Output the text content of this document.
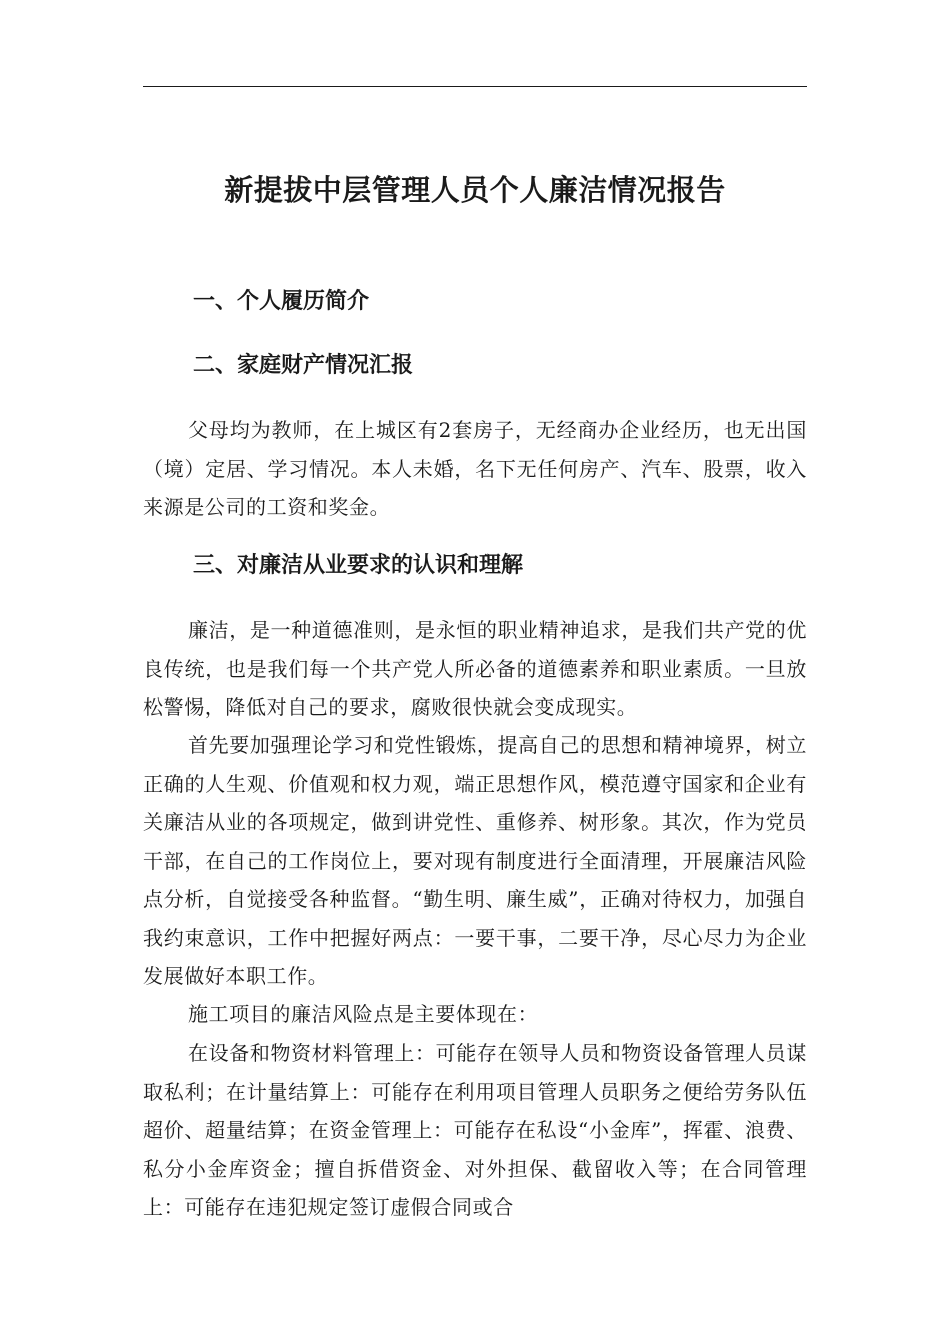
新提拔中层管理人员个人廉洁情况报告
一、个人履历简介
二、家庭财产情况汇报

父母均为教师，在上城区有2套房子，无经商办企业经历，也无出国（境）定居、学习情况。本人未婚，名下无任何房产、汽车、股票，收入来源是公司的工资和奖金。

三、对廉洁从业要求的认识和理解

廉洁，是一种道德准则，是永恒的职业精神追求，是我们共产党的优良传统，也是我们每一个共产党人所必备的道德素养和职业素质。一旦放松警惕，降低对自己的要求，腐败很快就会变成现实。

首先要加强理论学习和党性锻炼，提高自己的思想和精神境界，树立正确的人生观、价值观和权力观，端正思想作风，模范遵守国家和企业有关廉洁从业的各项规定，做到讲党性、重修养、树形象。其次，作为党员干部，在自己的工作岗位上，要对现有制度进行全面清理，开展廉洁风险点分析，自觉接受各种监督。“勤生明、廉生威”，正确对待权力，加强自我约束意识，工作中把握好两点：一要干事，二要干净，尽心尽力为企业发展做好本职工作。

施工项目的廉洁风险点是主要体现在：

在设备和物资材料管理上：可能存在领导人员和物资设备管理人员谋取私利；在计量结算上：可能存在利用项目管理人员职务之便给劳务队伍超价、超量结算；在资金管理上：可能存在私设“小金库”，挥霍、浪费、私分小金库资金；擅自拆借资金、对外担保、截留收入等；在合同管理上：可能存在违犯规定签订虚假合同或合
